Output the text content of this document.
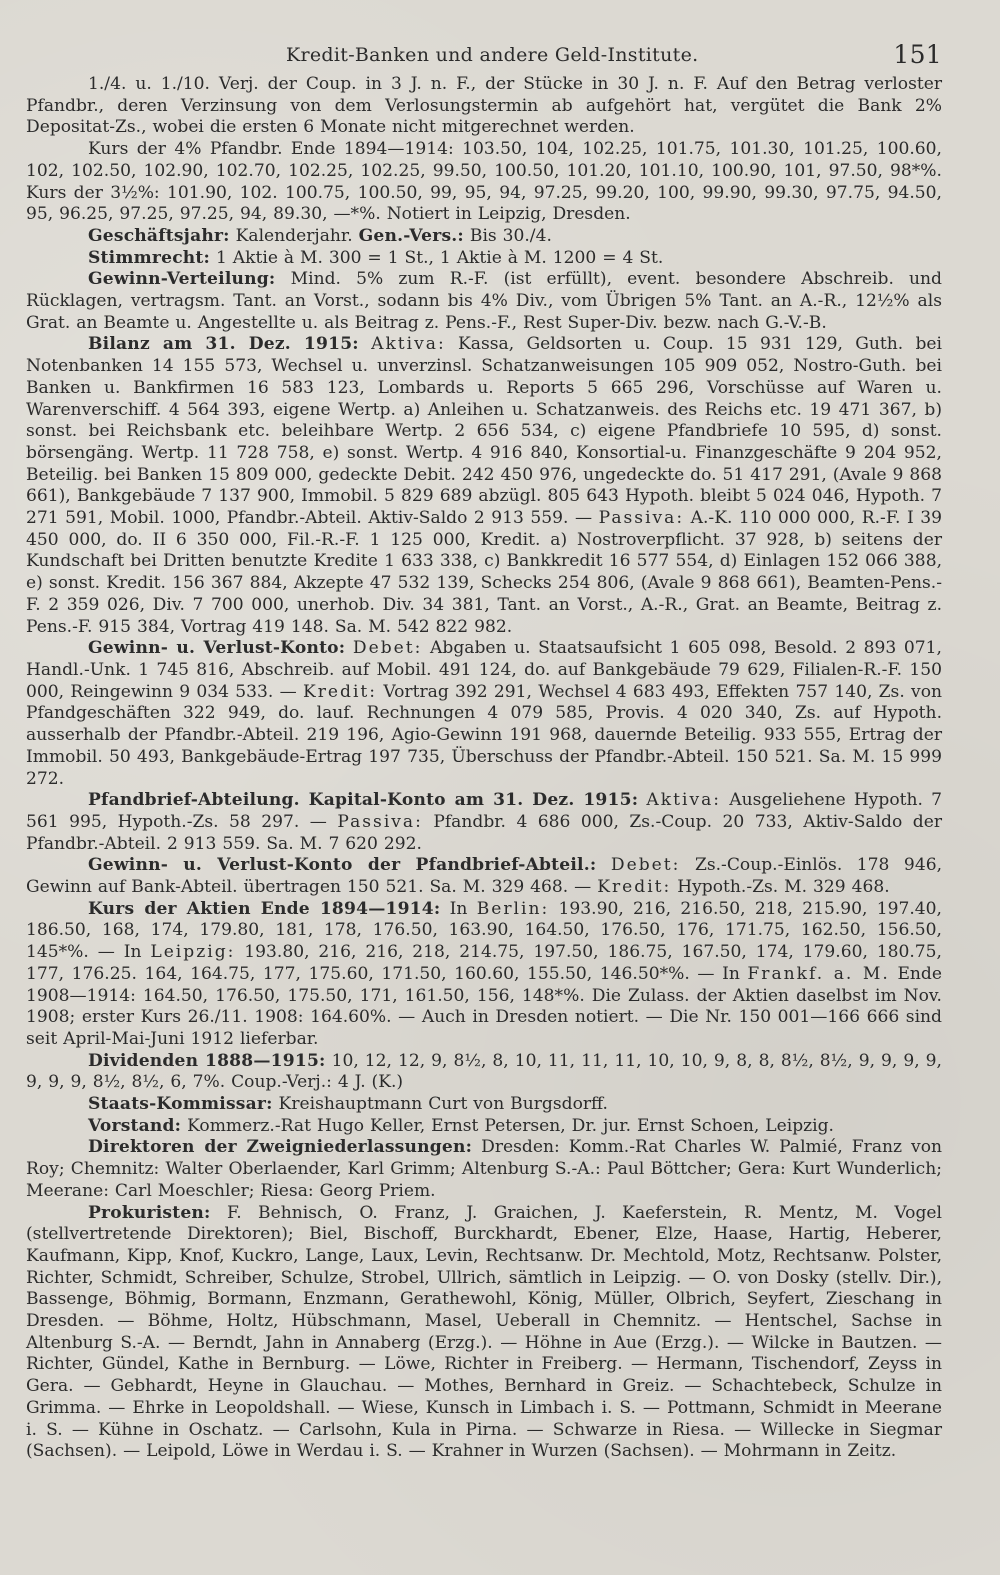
Kredit-Banken und andere Geld-Institute.	151

1./4. u. 1./10. Verj. der Coup. in 3 J. n. F., der Stücke in 30 J. n. F. Auf den Betrag verloster Pfandbr., deren Verzinsung von dem Verlosungstermin ab aufgehört hat, vergütet die Bank 2% Depositat-Zs., wobei die ersten 6 Monate nicht mitgerechnet werden.

Kurs der 4% Pfandbr. Ende 1894—1914: 103.50, 104, 102.25, 101.75, 101.30, 101.25, 100.60, 102, 102.50, 102.90, 102.70, 102.25, 102.25, 99.50, 100.50, 101.20, 101.10, 100.90, 101, 97.50, 98*%. Kurs der 3½%: 101.90, 102. 100.75, 100.50, 99, 95, 94, 97.25, 99.20, 100, 99.90, 99.30, 97.75, 94.50, 95, 96.25, 97.25, 97.25, 94, 89.30, —*%. Notiert in Leipzig, Dresden.

Geschäftsjahr: Kalenderjahr. Gen.-Vers.: Bis 30./4.

Stimmrecht: 1 Aktie à M. 300 = 1 St., 1 Aktie à M. 1200 = 4 St.

Gewinn-Verteilung: Mind. 5% zum R.-F. (ist erfüllt), event. besondere Abschreib. und Rücklagen, vertragsm. Tant. an Vorst., sodann bis 4% Div., vom Übrigen 5% Tant. an A.-R., 12½% als Grat. an Beamte u. Angestellte u. als Beitrag z. Pens.-F., Rest Super-Div. bezw. nach G.-V.-B.

Bilanz am 31. Dez. 1915: Aktiva: Kassa, Geldsorten u. Coup. 15 931 129, Guth. bei Notenbanken 14 155 573, Wechsel u. unverzinsl. Schatzanweisungen 105 909 052, Nostro-Guth. bei Banken u. Bankfirmen 16 583 123, Lombards u. Reports 5 665 296, Vorschüsse auf Waren u. Warenverschiff. 4 564 393, eigene Wertp. a) Anleihen u. Schatzanweis. des Reichs etc. 19 471 367, b) sonst. bei Reichsbank etc. beleihbare Wertp. 2 656 534, c) eigene Pfandbriefe 10 595, d) sonst. börsengäng. Wertp. 11 728 758, e) sonst. Wertp. 4 916 840, Konsortial-u. Finanzgeschäfte 9 204 952, Beteilig. bei Banken 15 809 000, gedeckte Debit. 242 450 976, ungedeckte do. 51 417 291, (Avale 9 868 661), Bankgebäude 7 137 900, Immobil. 5 829 689 abzügl. 805 643 Hypoth. bleibt 5 024 046, Hypoth. 7 271 591, Mobil. 1000, Pfandbr.-Abteil. Aktiv-Saldo 2 913 559. — Passiva: A.-K. 110 000 000, R.-F. I 39 450 000, do. II 6 350 000, Fil.-R.-F. 1 125 000, Kredit. a) Nostroverpflicht. 37 928, b) seitens der Kundschaft bei Dritten benutzte Kredite 1 633 338, c) Bankkredit 16 577 554, d) Einlagen 152 066 388, e) sonst. Kredit. 156 367 884, Akzepte 47 532 139, Schecks 254 806, (Avale 9 868 661), Beamten-Pens.-F. 2 359 026, Div. 7 700 000, unerhob. Div. 34 381, Tant. an Vorst., A.-R., Grat. an Beamte, Beitrag z. Pens.-F. 915 384, Vortrag 419 148. Sa. M. 542 822 982.

Gewinn- u. Verlust-Konto: Debet: Abgaben u. Staatsaufsicht 1 605 098, Besold. 2 893 071, Handl.-Unk. 1 745 816, Abschreib. auf Mobil. 491 124, do. auf Bankgebäude 79 629, Filialen-R.-F. 150 000, Reingewinn 9 034 533. — Kredit: Vortrag 392 291, Wechsel 4 683 493, Effekten 757 140, Zs. von Pfandgeschäften 322 949, do. lauf. Rechnungen 4 079 585, Provis. 4 020 340, Zs. auf Hypoth. ausserhalb der Pfandbr.-Abteil. 219 196, Agio-Gewinn 191 968, dauernde Beteilig. 933 555, Ertrag der Immobil. 50 493, Bankgebäude-Ertrag 197 735, Überschuss der Pfandbr.-Abteil. 150 521. Sa. M. 15 999 272.

Pfandbrief-Abteilung. Kapital-Konto am 31. Dez. 1915: Aktiva: Ausgeliehene Hypoth. 7 561 995, Hypoth.-Zs. 58 297. — Passiva: Pfandbr. 4 686 000, Zs.-Coup. 20 733, Aktiv-Saldo der Pfandbr.-Abteil. 2 913 559. Sa. M. 7 620 292.

Gewinn- u. Verlust-Konto der Pfandbrief-Abteil.: Debet: Zs.-Coup.-Einlös. 178 946, Gewinn auf Bank-Abteil. übertragen 150 521. Sa. M. 329 468. — Kredit: Hypoth.-Zs. M. 329 468.

Kurs der Aktien Ende 1894—1914: In Berlin: 193.90, 216, 216.50, 218, 215.90, 197.40, 186.50, 168, 174, 179.80, 181, 178, 176.50, 163.90, 164.50, 176.50, 176, 171.75, 162.50, 156.50, 145*%. — In Leipzig: 193.80, 216, 216, 218, 214.75, 197.50, 186.75, 167.50, 174, 179.60, 180.75, 177, 176.25. 164, 164.75, 177, 175.60, 171.50, 160.60, 155.50, 146.50*%. — In Frankf. a. M. Ende 1908—1914: 164.50, 176.50, 175.50, 171, 161.50, 156, 148*%. Die Zulass. der Aktien daselbst im Nov. 1908; erster Kurs 26./11. 1908: 164.60%. — Auch in Dresden notiert. — Die Nr. 150 001—166 666 sind seit April-Mai-Juni 1912 lieferbar.

Dividenden 1888—1915: 10, 12, 12, 9, 8½, 8, 10, 11, 11, 11, 10, 10, 9, 8, 8, 8½, 8½, 9, 9, 9, 9, 9, 9, 9, 8½, 8½, 6, 7%. Coup.-Verj.: 4 J. (K.)

Staats-Kommissar: Kreishauptmann Curt von Burgsdorff.

Vorstand: Kommerz.-Rat Hugo Keller, Ernst Petersen, Dr. jur. Ernst Schoen, Leipzig.

Direktoren der Zweigniederlassungen: Dresden: Komm.-Rat Charles W. Palmié, Franz von Roy; Chemnitz: Walter Oberlaender, Karl Grimm; Altenburg S.-A.: Paul Böttcher; Gera: Kurt Wunderlich; Meerane: Carl Moeschler; Riesa: Georg Priem.

Prokuristen: F. Behnisch, O. Franz, J. Graichen, J. Kaeferstein, R. Mentz, M. Vogel (stellvertretende Direktoren); Biel, Bischoff, Burckhardt, Ebener, Elze, Haase, Hartig, Heberer, Kaufmann, Kipp, Knof, Kuckro, Lange, Laux, Levin, Rechtsanw. Dr. Mechtold, Motz, Rechtsanw. Polster, Richter, Schmidt, Schreiber, Schulze, Strobel, Ullrich, sämtlich in Leipzig. — O. von Dosky (stellv. Dir.), Bassenge, Böhmig, Bormann, Enzmann, Gerathewohl, König, Müller, Olbrich, Seyfert, Zieschang in Dresden. — Böhme, Holtz, Hübschmann, Masel, Ueberall in Chemnitz. — Hentschel, Sachse in Altenburg S.-A. — Berndt, Jahn in Annaberg (Erzg.). — Höhne in Aue (Erzg.). — Wilcke in Bautzen. — Richter, Gündel, Kathe in Bernburg. — Löwe, Richter in Freiberg. — Hermann, Tischendorf, Zeyss in Gera. — Gebhardt, Heyne in Glauchau. — Mothes, Bernhard in Greiz. — Schachtebeck, Schulze in Grimma. — Ehrke in Leopoldshall. — Wiese, Kunsch in Limbach i. S. — Pottmann, Schmidt in Meerane i. S. — Kühne in Oschatz. — Carlsohn, Kula in Pirna. — Schwarze in Riesa. — Willecke in Siegmar (Sachsen). — Leipold, Löwe in Werdau i. S. — Krahner in Wurzen (Sachsen). — Mohrmann in Zeitz.
